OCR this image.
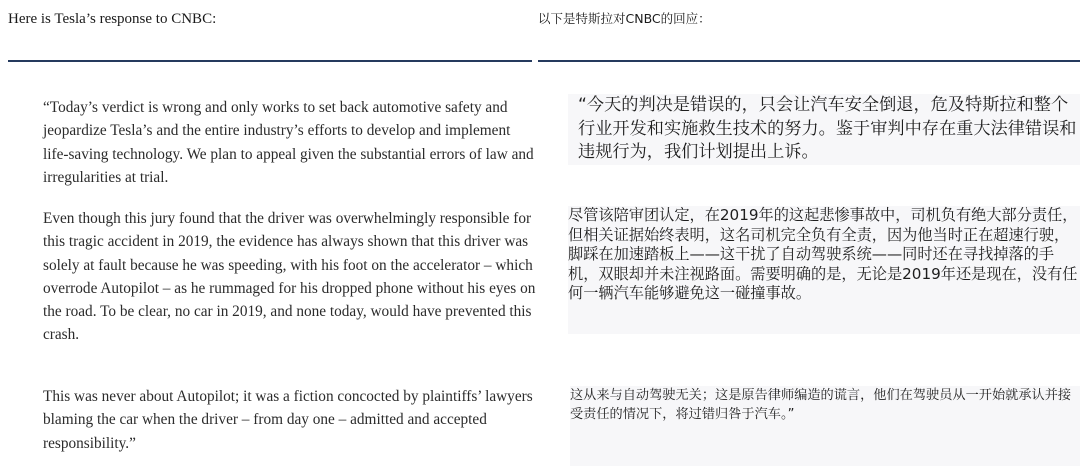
Here is Tesla’s response to CNBC:	以下是特斯拉对CNBC的回应：

“Today’s verdict is wrong and only works to set back automotive safety and jeopardize Tesla’s and the entire industry’s efforts to develop and implement life-saving technology. We plan to appeal given the substantial errors of law and irregularities at trial.

Even though this jury found that the driver was overwhelmingly responsible for this tragic accident in 2019, the evidence has always shown that this driver was solely at fault because he was speeding, with his foot on the accelerator – which overrode Autopilot – as he rummaged for his dropped phone without his eyes on the road. To be clear, no car in 2019, and none today, would have prevented this crash.

This was never about Autopilot; it was a fiction concocted by plaintiffs’ lawyers blaming the car when the driver – from day one – admitted and accepted responsibility.”

“今天的判决是错误的，只会让汽车安全倒退，危及特斯拉和整个行业开发和实施救生技术的努力。鉴于审判中存在重大法律错误和违规行为，我们计划提出上诉。

尽管该陪审团认定，在2019年的这起悲惨事故中，司机负有绝大部分责任，但相关证据始终表明，这名司机完全负有全责，因为他当时正在超速行驶，脚踩在加速踏板上——这干扰了自动驾驶系统——同时还在寻找掉落的手机，双眼却并未注视路面。需要明确的是，无论是2019年还是现在，没有任何一辆汽车能够避免这一碰撞事故。

这从来与自动驾驶无关；这是原告律师编造的谎言，他们在驾驶员从一开始就承认并接受责任的情况下，将过错归咎于汽车。”
